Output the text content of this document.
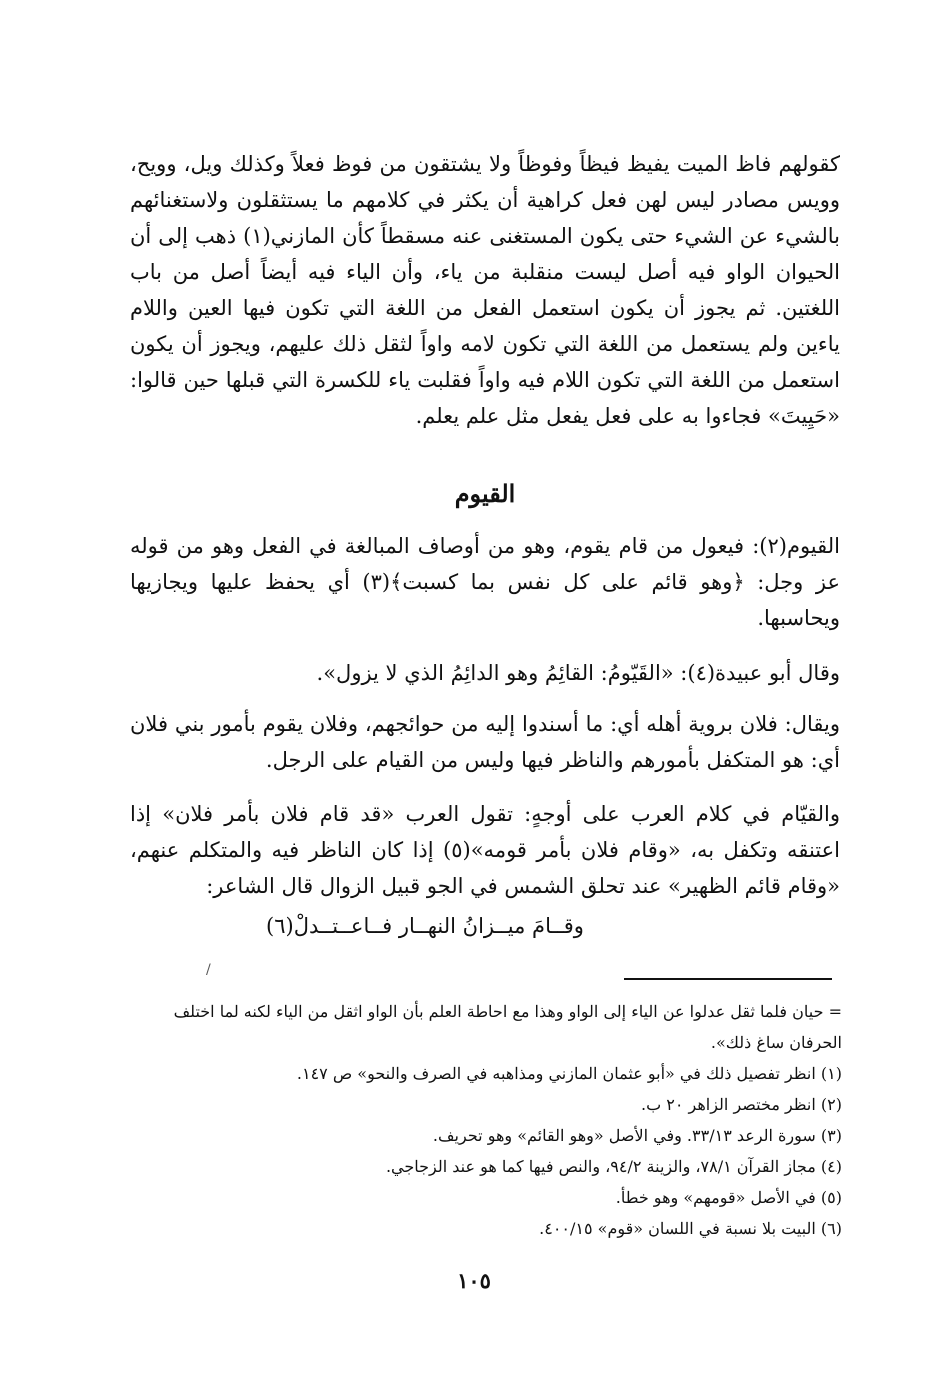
كقولهم فاظ الميت يفيظ فيظاً وفوظاً ولا يشتقون من فوظ فعلاً وكذلك ويل، وويح، وويس مصادر ليس لهن فعل كراهية أن يكثر في كلامهم ما يستثقلون ولاستغنائهم بالشيء عن الشيء حتى يكون المستغنى عنه مسقطاً كأن المازني(١) ذهب إلى أن الحيوان الواو فيه أصل ليست منقلبة من ياء، وأن الياء فيه أيضاً أصل من باب اللغتين. ثم يجوز أن يكون استعمل الفعل من اللغة التي تكون فيها العين واللام ياءين ولم يستعمل من اللغة التي تكون لامه واواً لثقل ذلك عليهم، ويجوز أن يكون استعمل من اللغة التي تكون اللام فيه واواً فقلبت ياء للكسرة التي قبلها حين قالوا: «حَيِيتَ» فجاءوا به على فعل يفعل مثل علم يعلم.

القيوم

القيوم(٢): فيعول من قام يقوم، وهو من أوصاف المبالغة في الفعل وهو من قوله عز وجل: ﴿وهو قائم على كل نفس بما كسبت﴾(٣) أي يحفظ عليها ويجازيها ويحاسبها.

وقال أبو عبيدة(٤): «القَيّومُ: القائِمُ وهو الدائِمُ الذي لا يزول».

ويقال: فلان بروية أهله أي: ما أسندوا إليه من حوائجهم، وفلان يقوم بأمور بني فلان أي: هو المتكفل بأمورهم والناظر فيها وليس من القيام على الرجل.

والقيّام في كلام العرب على أوجهٍ: تقول العرب «قد قام فلان بأمر فلان» إذا اعتنقه وتكفل به، «وقام فلان بأمر قومه»(٥) إذا كان الناظر فيه والمتكلم عنهم، «وقام قائم الظهير» عند تحلق الشمس في الجو قبيل الزوال قال الشاعر:

وقــامَ ميــزانُ النهــار فــاعــتــدلْ(٦)

/
= حيان فلما ثقل عدلوا عن الياء إلى الواو وهذا مع احاطة العلم بأن الواو اثقل من الياء لكنه لما اختلف الحرفان ساغ ذلك».
(١) انظر تفصيل ذلك في «أبو عثمان المازني ومذاهبه في الصرف والنحو» ص ١٤٧.
(٢) انظر مختصر الزاهر ٢٠ ب.
(٣) سورة الرعد ٣٣/١٣. وفي الأصل «وهو القائم» وهو تحريف.
(٤) مجاز القرآن ٧٨/١، والزينة ٩٤/٢، والنص فيها كما هو عند الزجاجي.
(٥) في الأصل «قومهم» وهو خطأ.
(٦) البيت بلا نسبة في اللسان «قوم» ٤٠٠/١٥.
١٠٥
